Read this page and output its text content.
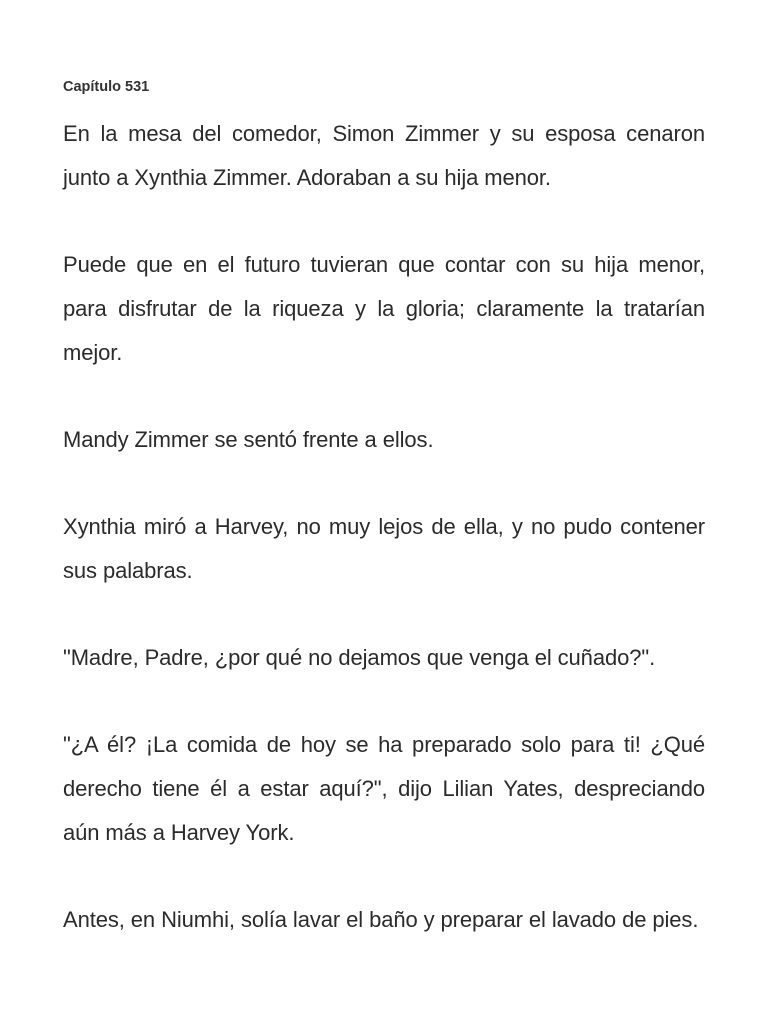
Capítulo 531

En la mesa del comedor, Simon Zimmer y su esposa cenaron junto a Xynthia Zimmer. Adoraban a su hija menor.

Puede que en el futuro tuvieran que contar con su hija menor, para disfrutar de la riqueza y la gloria; claramente la tratarían mejor.

Mandy Zimmer se sentó frente a ellos.

Xynthia miró a Harvey, no muy lejos de ella, y no pudo contener sus palabras.

"Madre, Padre, ¿por qué no dejamos que venga el cuñado?".

"¿A él? ¡La comida de hoy se ha preparado solo para ti! ¿Qué derecho tiene él a estar aquí?", dijo Lilian Yates, despreciando aún más a Harvey York.

Antes, en Niumhi, solía lavar el baño y preparar el lavado de pies.
